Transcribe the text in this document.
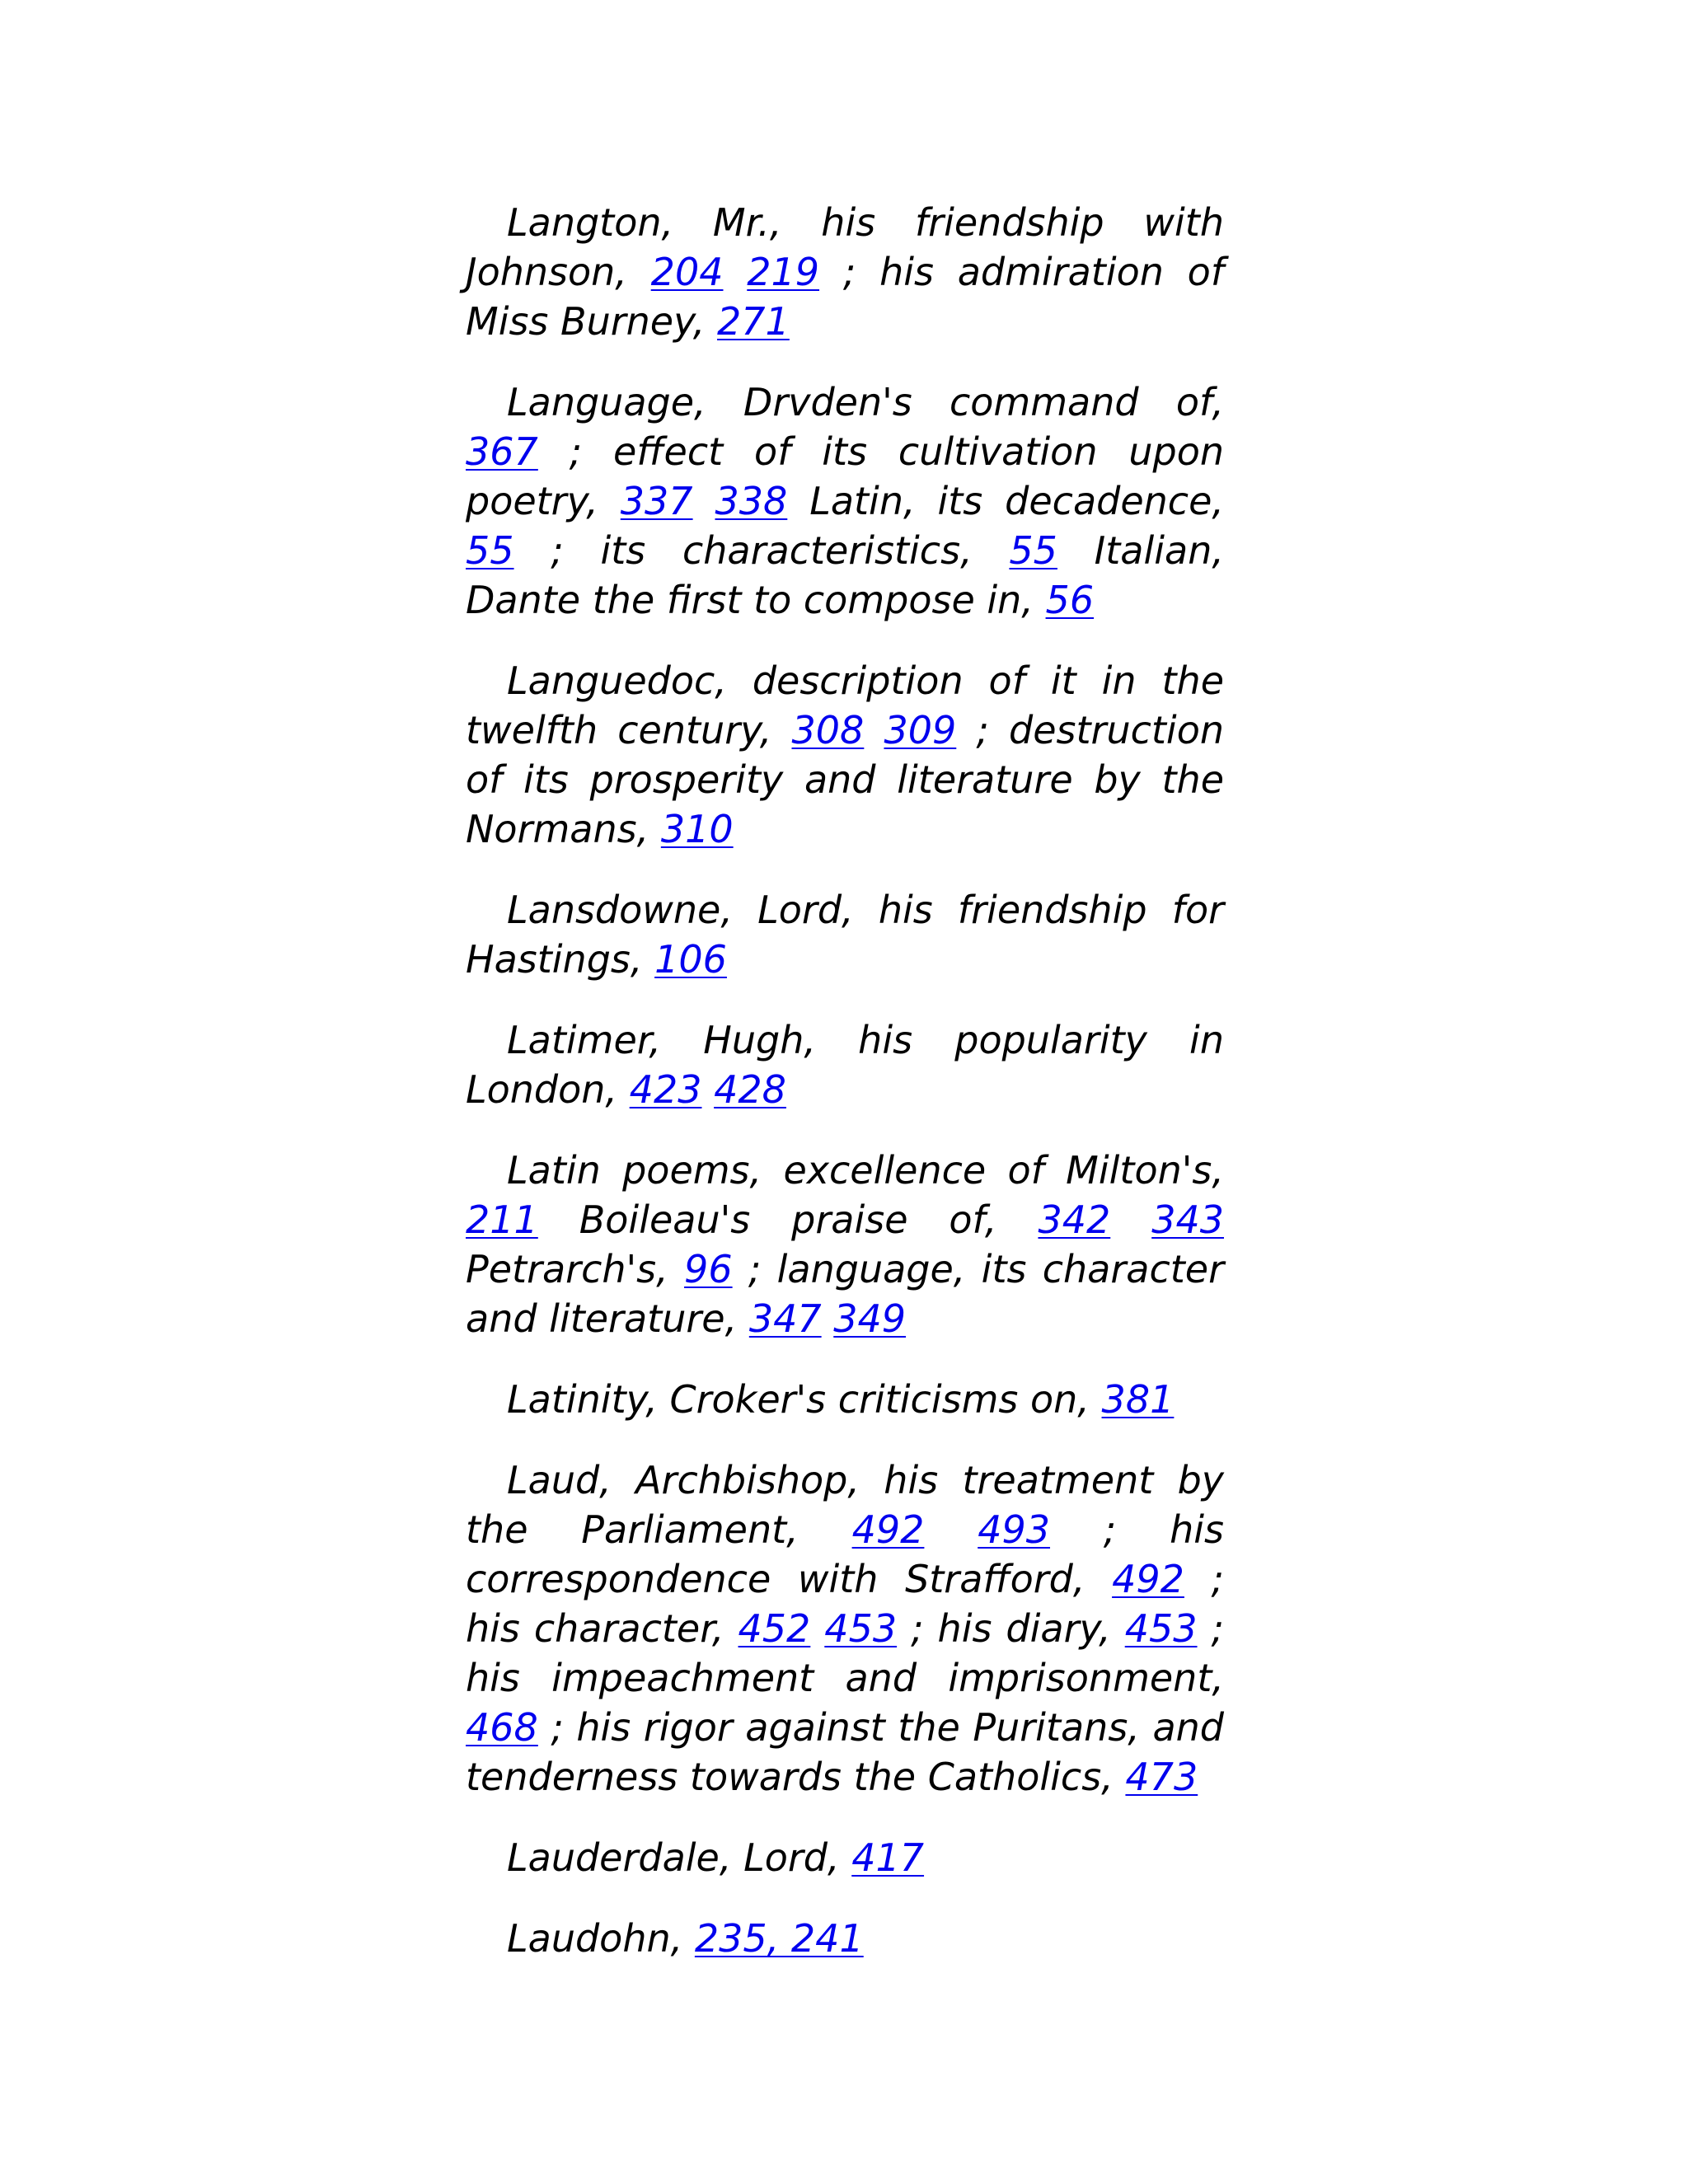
Langton, Mr., his friendship with Johnson, 204 219 ; his admiration of Miss Burney, 271

Language, Drvden's command of, 367 ; effect of its cultivation upon poetry, 337 338 Latin, its decadence, 55 ; its characteristics, 55 Italian, Dante the first to compose in, 56

Languedoc, description of it in the twelfth century, 308 309 ; destruction of its prosperity and literature by the Normans, 310

Lansdowne, Lord, his friendship for Hastings, 106

Latimer, Hugh, his popularity in London, 423 428

Latin poems, excellence of Milton's, 211 Boileau's praise of, 342 343 Petrarch's, 96 ; language, its character and literature, 347 349

Latinity, Croker's criticisms on, 381

Laud, Archbishop, his treatment by the Parliament, 492 493 ; his correspondence with Strafford, 492 ; his character, 452 453 ; his diary, 453 ; his impeachment and imprisonment, 468 ; his rigor against the Puritans, and tenderness towards the Catholics, 473

Lauderdale, Lord, 417

Laudohn, 235, 241
